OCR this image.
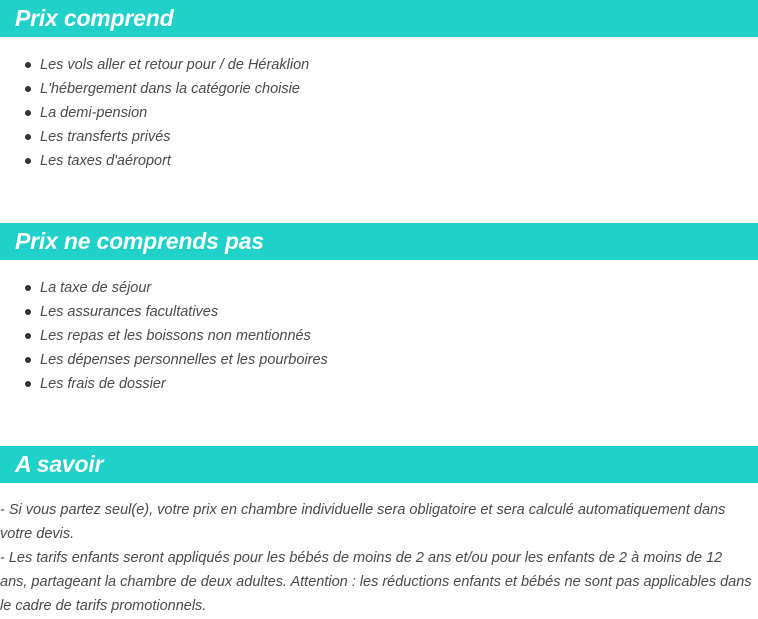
Prix comprend
Les vols aller et retour pour / de Héraklion
L'hébergement dans la catégorie choisie
La demi-pension
Les transferts privés
Les taxes d'aéroport
Prix ne comprends pas
La taxe de séjour
Les assurances facultatives
Les repas et les boissons non mentionnés
Les dépenses personnelles et les pourboires
Les frais de dossier
A savoir

- Si vous partez seul(e), votre prix en chambre individuelle sera obligatoire et sera calculé automatiquement dans votre devis.

- Les tarifs enfants seront appliqués pour les bébés de moins de 2 ans et/ou pour les enfants de 2 à moins de 12 ans, partageant la chambre de deux adultes. Attention : les réductions enfants et bébés ne sont pas applicables dans le cadre de tarifs promotionnels.
